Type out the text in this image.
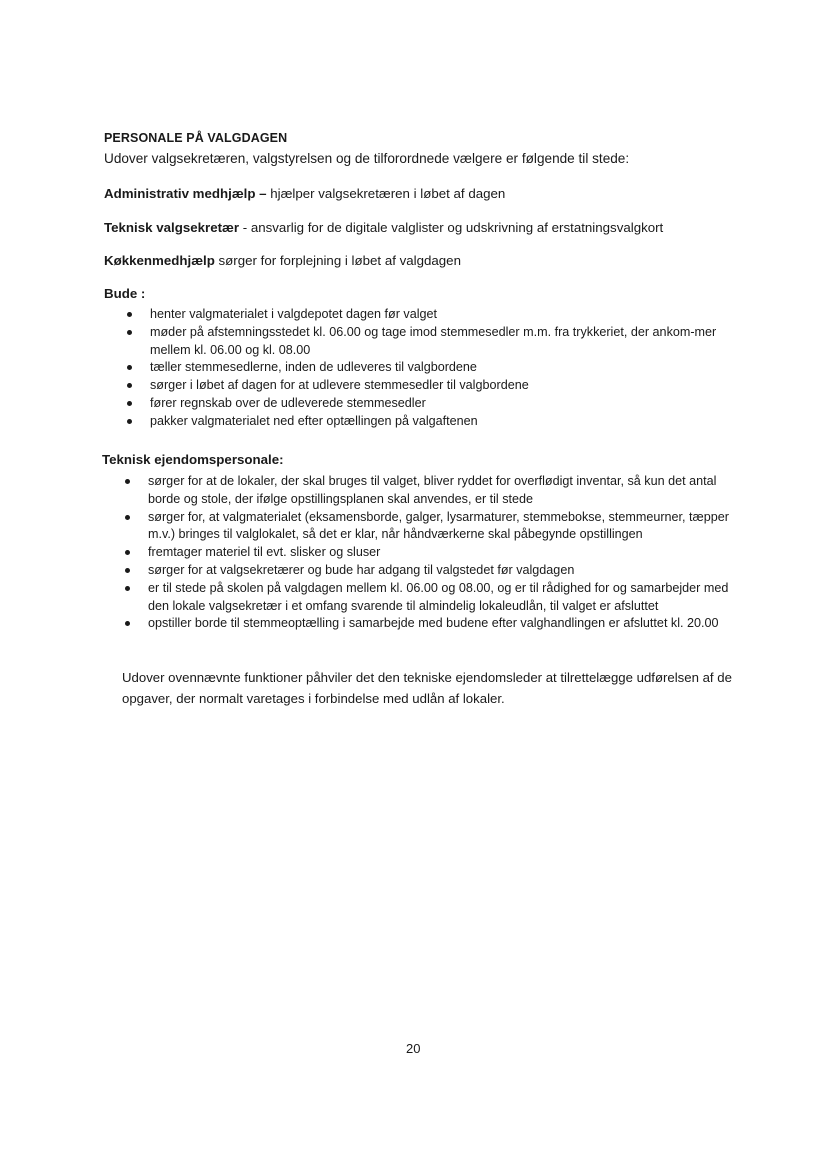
PERSONALE PÅ VALGDAGEN
Udover valgsekretæren, valgstyrelsen og de tilforordnede vælgere er følgende til stede:
Administrativ medhjælp – hjælper valgsekretæren i løbet af dagen
Teknisk valgsekretær - ansvarlig for de digitale valglister og udskrivning af erstatningsvalgkort
Køkkenmedhjælp sørger for forplejning i løbet af valgdagen
Bude :
henter valgmaterialet i valgdepotet dagen før valget
møder på afstemningsstedet kl. 06.00 og tage imod stemmesedler m.m. fra trykkeriet, der ankom-mer mellem kl. 06.00 og kl. 08.00
tæller stemmesedlerne, inden de udleveres til valgbordene
sørger i løbet af dagen for at udlevere stemmesedler til valgbordene
fører regnskab over de udleverede stemmesedler
pakker valgmaterialet ned efter optællingen på valgaftenen
Teknisk ejendomspersonale:
sørger for at de lokaler, der skal bruges til valget, bliver ryddet for overflødigt inventar, så kun det antal borde og stole, der ifølge opstillingsplanen skal anvendes, er til stede
sørger for, at valgmaterialet (eksamensborde, galger, lysarmaturer, stemmebokse, stemmeurner, tæpper m.v.) bringes til valglokalet, så det er klar, når håndværkerne skal påbegynde opstillingen
fremtager materiel til evt. slisker og sluser
sørger for at valgsekretærer og bude har adgang til valgstedet før valgdagen
er til stede på skolen på valgdagen mellem kl. 06.00 og 08.00, og er til rådighed for og samarbejder med den lokale valgsekretær i et omfang svarende til almindelig lokaleudlån, til valget er afsluttet
opstiller borde til stemmeoptælling i samarbejde med budene efter valghandlingen er afsluttet kl. 20.00
Udover ovennævnte funktioner påhviler det den tekniske ejendomsleder at tilrettelægge udførelsen af de opgaver, der normalt varetages i forbindelse med udlån af lokaler.
20
